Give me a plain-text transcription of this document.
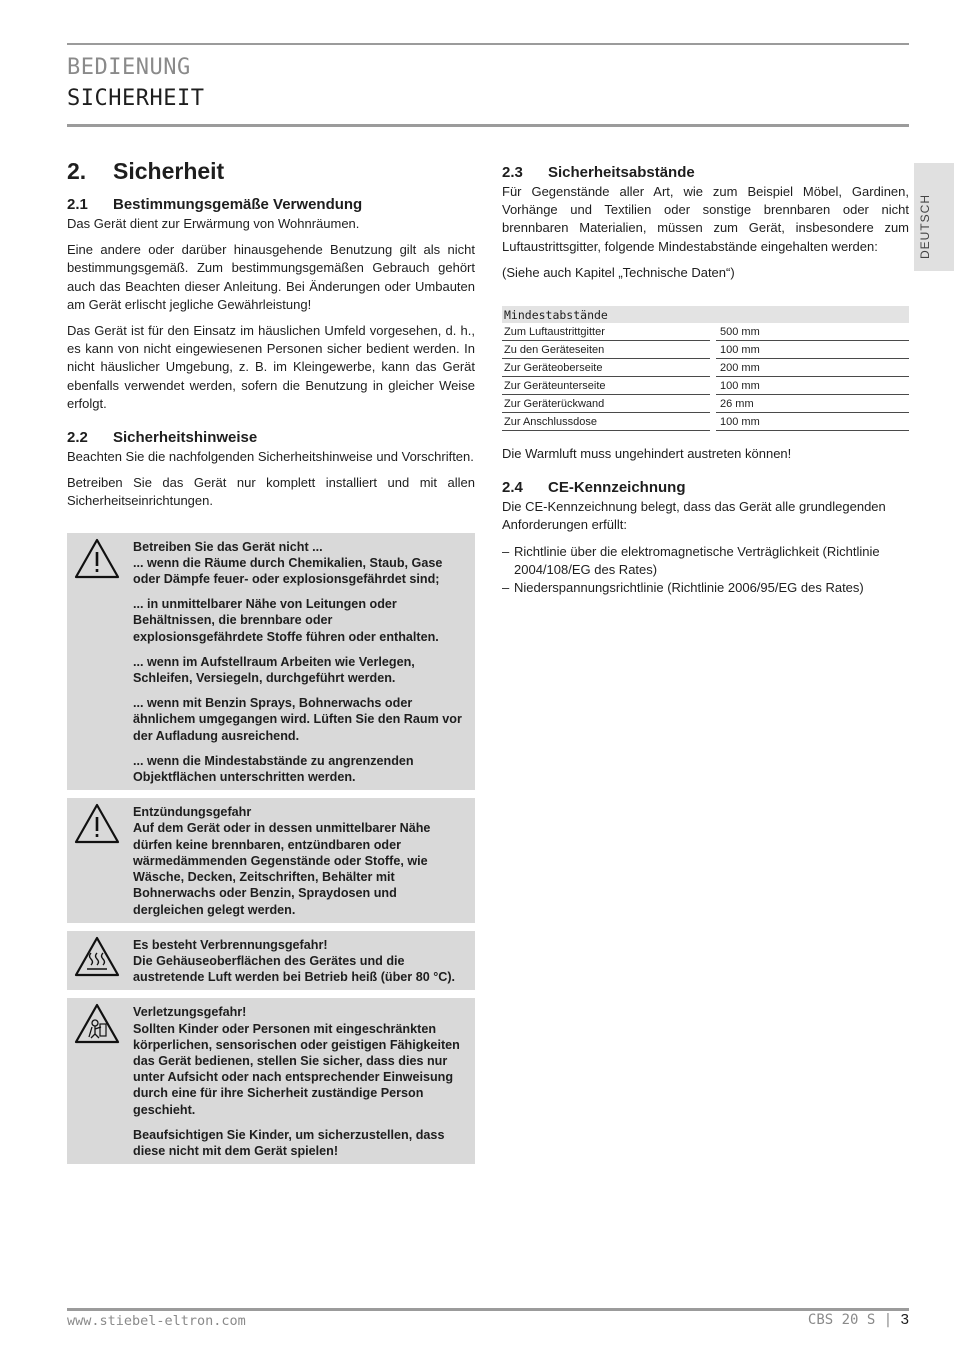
BEDIENUNG
SICHERHEIT
DEUTSCH
2.	Sicherheit
2.1	Bestimmungsgemäße Verwendung

Das Gerät dient zur Erwärmung von Wohnräumen.

Eine andere oder darüber hinausgehende Benutzung gilt als nicht bestimmungsgemäß. Zum bestimmungsgemäßen Gebrauch gehört auch das Beachten dieser Anleitung. Bei Änderungen oder Umbauten am Gerät erlischt jegliche Gewährleistung!

Das Gerät ist für den Einsatz im häuslichen Umfeld vorgesehen, d. h., es kann von nicht eingewiesenen Personen sicher bedient werden. In nicht häuslicher Umgebung, z. B. im Kleingewerbe, kann das Gerät ebenfalls verwendet werden, sofern die Benutzung in gleicher Weise erfolgt.

2.2	Sicherheitshinweise

Beachten Sie die nachfolgenden Sicherheitshinweise und Vorschriften.

Betreiben Sie das Gerät nur komplett installiert und mit allen Sicherheitseinrichtungen.

Betreiben Sie das Gerät nicht ...
... wenn die Räume durch Chemikalien, Staub, Gase oder Dämpfe feuer- oder explosionsgefährdet sind;

... in unmittelbarer Nähe von Leitungen oder Behältnissen, die brennbare oder explosionsgefährdete Stoffe führen oder enthalten.

... wenn im Aufstellraum Arbeiten wie Verlegen, Schleifen, Versiegeln, durchgeführt werden.

... wenn mit Benzin Sprays, Bohnerwachs oder ähnlichem umgegangen wird. Lüften Sie den Raum vor der Aufladung ausreichend.

... wenn die Mindestabstände zu angrenzenden Objektflächen unterschritten werden.

Entzündungsgefahr
Auf dem Gerät oder in dessen unmittelbarer Nähe dürfen keine brennbaren, entzündbaren oder wärmedämmenden Gegenstände oder Stoffe, wie Wäsche, Decken, Zeitschriften, Behälter mit Bohnerwachs oder Benzin, Spraydosen und dergleichen gelegt werden.

Es besteht Verbrennungsgefahr!
Die Gehäuseoberflächen des Gerätes und die austretende Luft werden bei Betrieb heiß (über 80 °C).

Verletzungsgefahr!
Sollten Kinder oder Personen mit eingeschränkten körperlichen, sensorischen oder geistigen Fähigkeiten das Gerät bedienen, stellen Sie sicher, dass dies nur unter Aufsicht oder nach entsprechender Einweisung durch eine für ihre Sicherheit zuständige Person geschieht.

Beaufsichtigen Sie Kinder, um sicherzustellen, dass diese nicht mit dem Gerät spielen!

2.3	Sicherheitsabstände

Für Gegenstände aller Art, wie zum Beispiel Möbel, Gardinen, Vorhänge und Textilien oder sonstige brennbaren oder nicht brennbaren Materialien, müssen zum Gerät, insbesondere zum Luftaustrittsgitter, folgende Mindestabstände eingehalten werden:

(Siehe auch Kapitel „Technische Daten“)

Mindestabstände		
Zum Luftaustrittgitter		500 mm
Zu den Geräteseiten		100 mm
Zur Geräteoberseite		200 mm
Zur Geräteunterseite		100 mm
Zur Geräterückwand		26 mm
Zur Anschlussdose		100 mm

Die Warmluft muss ungehindert austreten können!

2.4	CE-Kennzeichnung

Die CE-Kennzeichnung belegt, dass das Gerät alle grundlegenden Anforderungen erfüllt:

– Richtlinie über die elektromagnetische Verträglichkeit (Richtlinie 2004/108/EG des Rates)
– Niederspannungsrichtlinie (Richtlinie 2006/95/EG des Rates)
www.stiebel-eltron.com	CBS 20 S | 3
